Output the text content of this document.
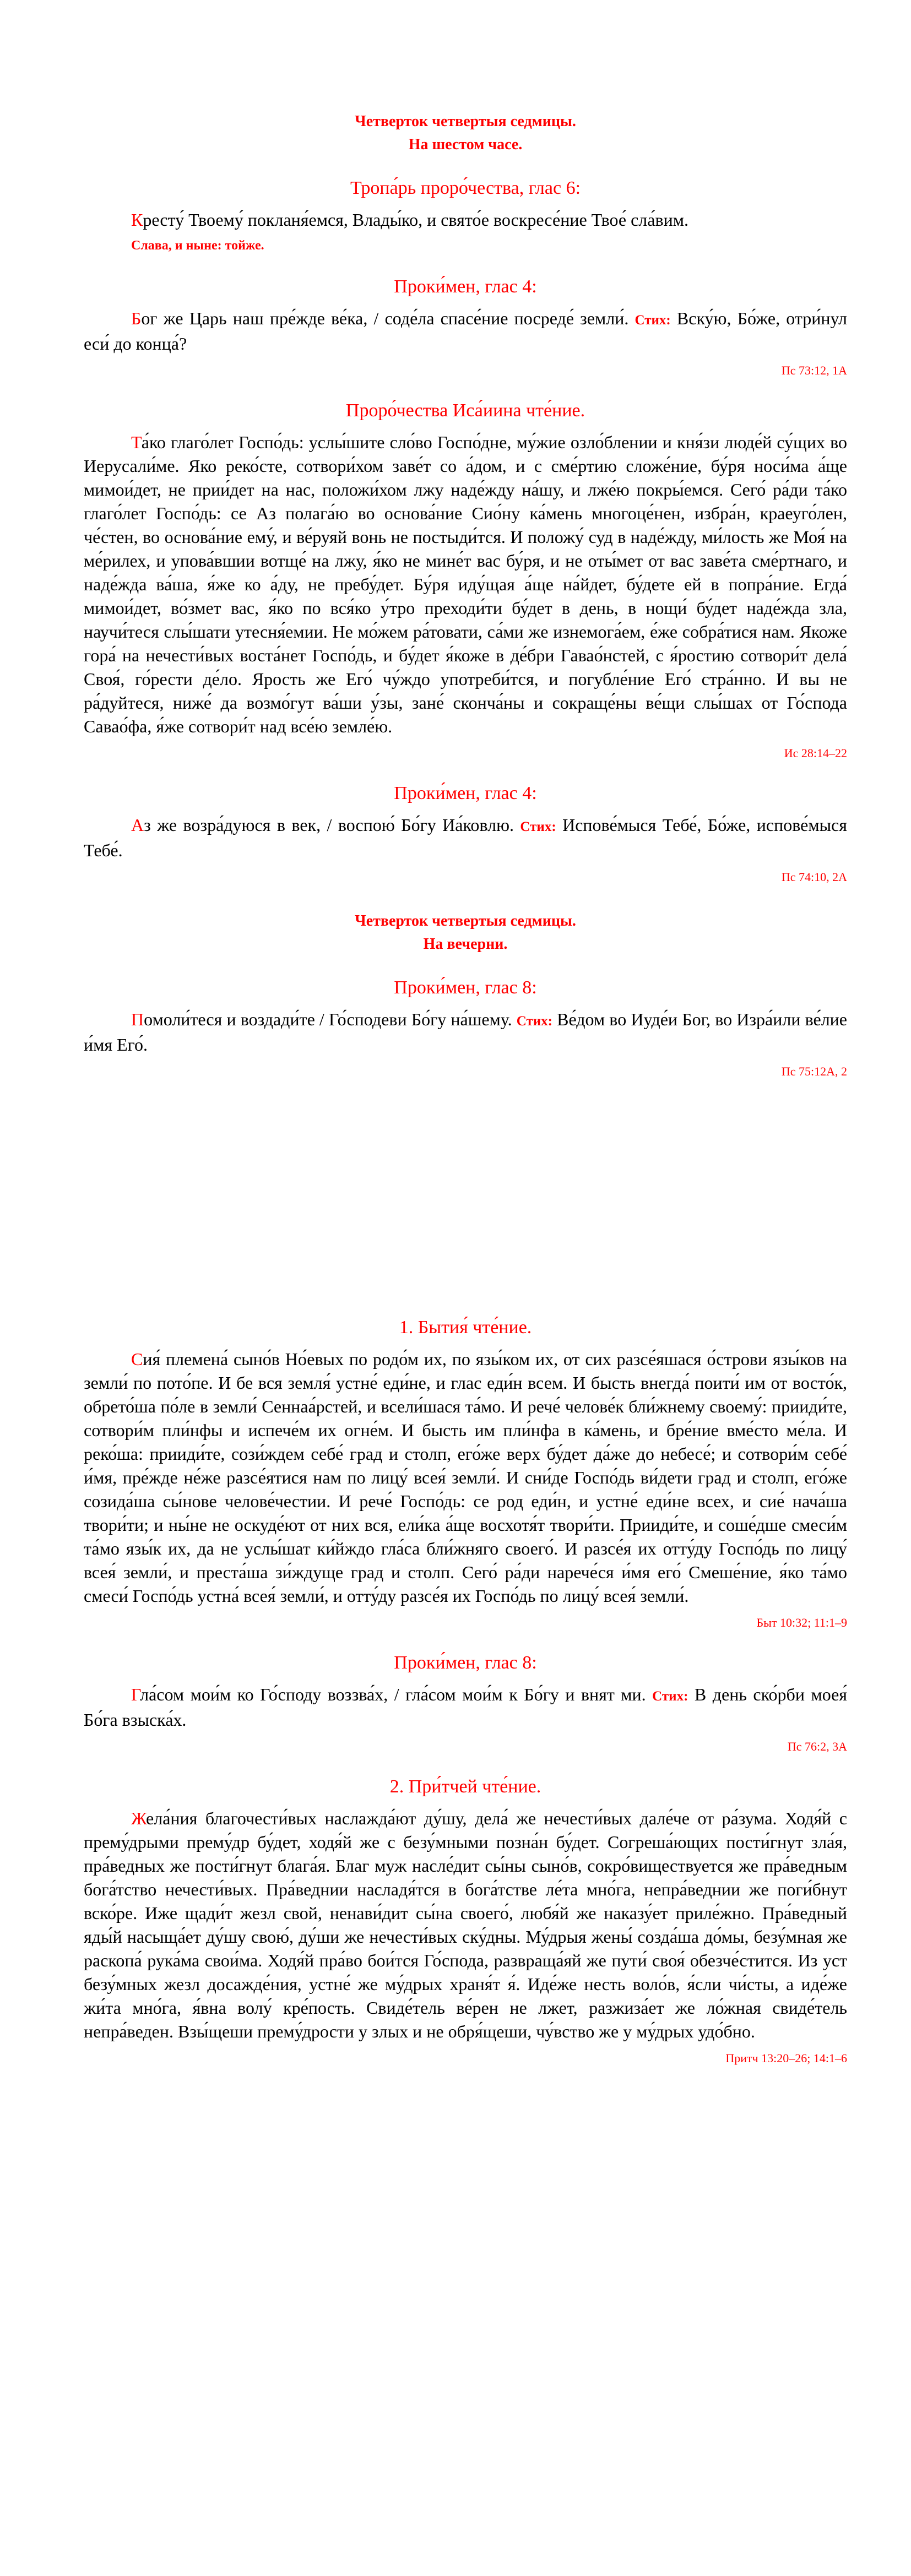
Четверток четвертыя седмицы.
На шестом часе.
Тропа́рь проро́чества, глас 6:

Кресту́ Твоему́ покланя́емся, Влады́ко, и свято́е воскресе́ние Твое́ сла́вим.

Слава, и ныне: тойже.
Проки́мен, глас 4:

Бог же Царь наш пре́жде ве́ка, / соде́ла спасе́ние посреде́ земли́. Стих: Вску́ю, Бо́же, отри́нул еси́ до конца́?

Пс 73:12, 1А
Проро́чества Иса́иина чте́ние.

Та́ко глаго́лет Госпо́дь: услы́шите сло́во Госпо́дне, му́жие озло́блении и кня́зи люде́й су́щих во Иерусали́ме. Яко реко́сте, сотвори́хом заве́т со а́дом, и с сме́ртию сложе́ние, бу́ря носи́ма а́ще мимои́дет, не прии́дет на нас, положи́хом лжу наде́жду на́шу, и лже́ю покры́емся. Сего́ ра́ди та́ко глаго́лет Госпо́дь: се Аз полага́ю во основа́ние Сио́ну ка́мень многоце́нен, избра́н, краеуго́лен, че́стен, во основа́ние ему́, и ве́руяй вонь не постыди́тся. И положу́ суд в наде́жду, ми́лость же Моя́ на ме́рилех, и упова́вшии вотще́ на лжу, я́ко не мине́т вас бу́ря, и не оты́мет от вас заве́та сме́ртнаго, и наде́жда ва́ша, я́же ко а́ду, не пребу́дет. Бу́ря иду́щая а́ще на́йдет, бу́дете ей в попра́ние. Егда́ мимои́дет, во́змет вас, я́ко по вся́ко у́тро преходи́ти бу́дет в день, в нощи́ бу́дет наде́жда зла, научи́теся слы́шати утесня́емии. Не мо́жем ра́товати, са́ми же изнемога́ем, е́же собра́тися нам. Якоже гора́ на нечести́вых воста́нет Госпо́дь, и бу́дет я́коже в де́бри Гавао́нстей, с я́ростию сотвори́т дела́ Своя́, го́рести де́ло. Ярость же Его́ чу́ждо употреби́тся, и погубле́ние Его́ стра́нно. И вы не ра́дуйтеся, ниже́ да возмо́гут ва́ши у́зы, зане́ сконча́ны и сокраще́ны ве́щи слы́шах от Го́спода Савао́фа, я́же сотвори́т над все́ю земле́ю.

Ис 28:14–22
Проки́мен, глас 4:

Аз же возра́дуюся в век, / воспою́ Бо́гу Иа́ковлю. Стих: Испове́мыся Тебе́, Бо́же, испове́мыся Тебе́.

Пс 74:10, 2А
Четверток четвертыя седмицы.
На вечерни.
Проки́мен, глас 8:

Помоли́теся и воздади́те / Го́сподеви Бо́гу на́шему. Стих: Ве́дом во Иуде́и Бог, во Изра́или ве́лие и́мя Его́.

Пс 75:12А, 2
1. Бытия́ чте́ние.

Сия́ племена́ сыно́в Но́евых по родо́м их, по язы́ком их, от сих разсе́яшася о́строви язы́ков на земли́ по пото́пе. И бе вся земля́ устне́ еди́не, и глас еди́н всем. И бысть внегда́ поити́ им от восто́к, обрето́ша по́ле в земли́ Сеннаа́рстей, и всели́шася та́мо. И рече́ челове́к бли́жнему своему́: прииди́те, сотвори́м пли́нфы и испече́м их огне́м. И бысть им пли́нфа в ка́мень, и бре́ние вме́сто ме́ла. И реко́ша: прииди́те, сози́ждем себе́ град и столп, его́же верх бу́дет да́же до небесе́; и сотвори́м себе́ и́мя, пре́жде не́же разсе́ятися нам по лицу́ всея́ земли́. И сни́де Госпо́дь ви́дети град и столп, его́же созида́ша сы́нове челове́честии. И рече́ Госпо́дь: се род еди́н, и устне́ еди́не всех, и сие́ нача́ша твори́ти; и ны́не не оскуде́ют от них вся, ели́ка а́ще восхотя́т твори́ти. Прииди́те, и соше́дше смеси́м та́мо язы́к их, да не услы́шат ки́йждо гла́са бли́жняго своего́. И разсе́я их отту́ду Госпо́дь по лицу́ всея́ земли́, и преста́ша зи́ждуще град и столп. Сего́ ра́ди нарече́ся и́мя его́ Смеше́ние, я́ко та́мо смеси́ Госпо́дь устна́ всея́ земли́, и отту́ду разсе́я их Госпо́дь по лицу́ всея́ земли́.

Быт 10:32; 11:1–9
Проки́мен, глас 8:

Гла́сом мои́м ко Го́споду воззва́х, / гла́сом мои́м к Бо́гу и внят ми. Стих: В день ско́рби моея́ Бо́га взыска́х.

Пс 76:2, 3А
2. При́тчей чте́ние.

Жела́ния благочести́вых наслажда́ют ду́шу, дела́ же нечести́вых дале́че от ра́зума. Ходя́й с прему́дрыми прему́др бу́дет, ходя́й же с безу́мными позна́н бу́дет. Согреша́ющих пости́гнут зла́я, пра́ведных же пости́гнут блага́я. Благ муж насле́дит сы́ны сыно́в, сокро́виществуется же пра́ведным бога́тство нечести́вых. Пра́веднии насладя́тся в бога́тстве ле́та мно́га, непра́веднии же поги́бнут вско́ре. Иже щади́т жезл свой, ненави́дит сы́на своего́, любя́й же наказу́ет приле́жно. Пра́ведный яды́й насыща́ет ду́шу свою́, ду́ши же нечести́вых ску́дны. Му́дрыя жены́ созда́ша до́мы, безу́мная же раскопа́ рука́ма свои́ма. Ходя́й пра́во бои́тся Го́спода, развраща́яй же пути́ своя́ обезче́стится. Из уст безу́мных жезл досажде́ния, устне́ же му́дрых храня́т я́. Иде́же несть воло́в, я́сли чи́сты, а иде́же жи́та мно́га, я́вна волу́ кре́пость. Свиде́тель ве́рен не лжет, разжиза́ет же ло́жная свиде́тель непра́веден. Взы́щеши прему́дрости у злых и не обря́щеши, чу́вство же у му́дрых удо́бно.

Притч 13:20–26; 14:1–6
